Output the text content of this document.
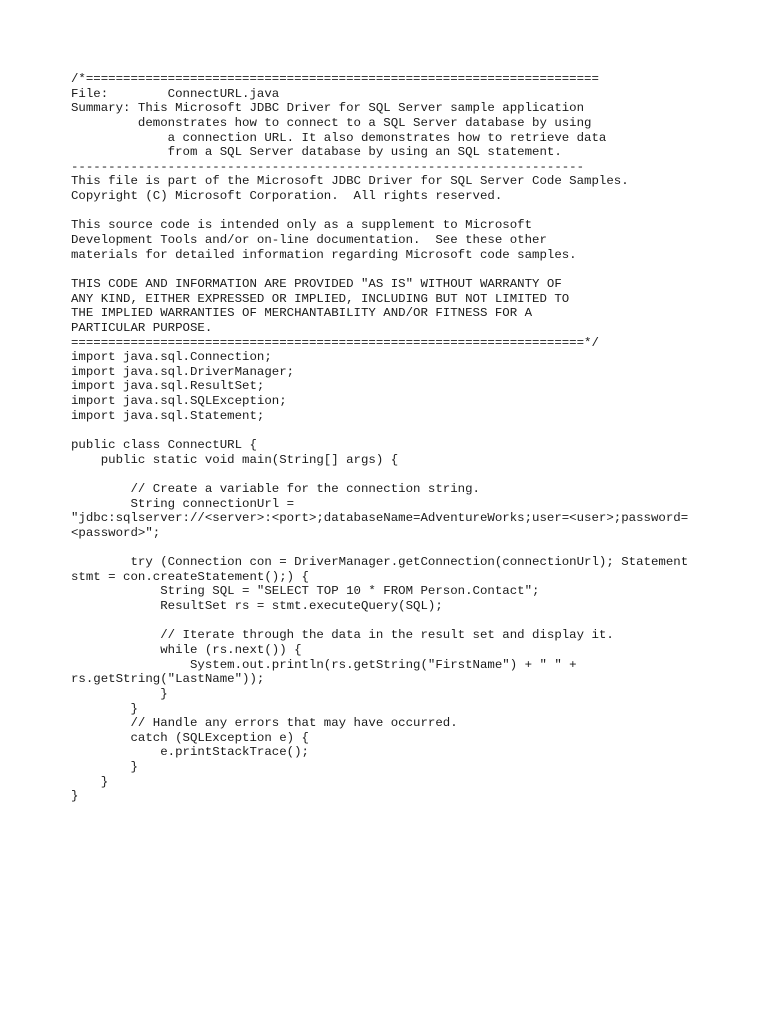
/*=====================================================================
File:        ConnectURL.java
Summary: This Microsoft JDBC Driver for SQL Server sample application
demonstrates how to connect to a SQL Server database by using
a connection URL. It also demonstrates how to retrieve data
from a SQL Server database by using an SQL statement.
---------------------------------------------------------------------
This file is part of the Microsoft JDBC Driver for SQL Server Code Samples.
Copyright (C) Microsoft Corporation.  All rights reserved.

This source code is intended only as a supplement to Microsoft
Development Tools and/or on-line documentation.  See these other
materials for detailed information regarding Microsoft code samples.

THIS CODE AND INFORMATION ARE PROVIDED "AS IS" WITHOUT WARRANTY OF
ANY KIND, EITHER EXPRESSED OR IMPLIED, INCLUDING BUT NOT LIMITED TO
THE IMPLIED WARRANTIES OF MERCHANTABILITY AND/OR FITNESS FOR A
PARTICULAR PURPOSE.
=====================================================================*/
import java.sql.Connection;
import java.sql.DriverManager;
import java.sql.ResultSet;
import java.sql.SQLException;
import java.sql.Statement;

public class ConnectURL {
public static void main(String[] args) {

// Create a variable for the connection string.
String connectionUrl =
"jdbc:sqlserver://<server>:<port>;databaseName=AdventureWorks;user=<user>;password=
<password>";

try (Connection con = DriverManager.getConnection(connectionUrl); Statement
stmt = con.createStatement();) {
String SQL = "SELECT TOP 10 * FROM Person.Contact";
ResultSet rs = stmt.executeQuery(SQL);

// Iterate through the data in the result set and display it.
while (rs.next()) {
System.out.println(rs.getString("FirstName") + " " +
rs.getString("LastName"));
}
}
// Handle any errors that may have occurred.
catch (SQLException e) {
e.printStackTrace();
}
}
}
